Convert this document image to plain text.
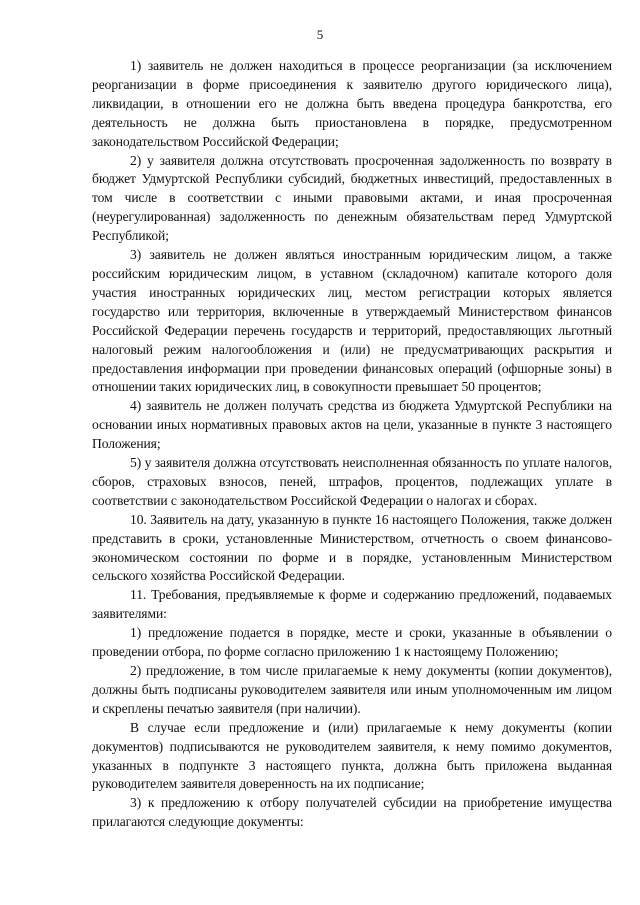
5

1) заявитель не должен находиться в процессе реорганизации (за исключением реорганизации в форме присоединения к заявителю другого юридического лица), ликвидации, в отношении его не должна быть введена процедура банкротства, его деятельность не должна быть приостановлена в порядке, предусмотренном законодательством Российской Федерации;

2) у заявителя должна отсутствовать просроченная задолженность по возврату в бюджет Удмуртской Республики субсидий, бюджетных инвестиций, предоставленных в том числе в соответствии с иными правовыми актами, и иная просроченная (неурегулированная) задолженность по денежным обязательствам перед Удмуртской Республикой;

3) заявитель не должен являться иностранным юридическим лицом, а также российским юридическим лицом, в уставном (складочном) капитале которого доля участия иностранных юридических лиц, местом регистрации которых является государство или территория, включенные в утверждаемый Министерством финансов Российской Федерации перечень государств и территорий, предоставляющих льготный налоговый режим налогообложения и (или) не предусматривающих раскрытия и предоставления информации при проведении финансовых операций (офшорные зоны) в отношении таких юридических лиц, в совокупности превышает 50 процентов;

4) заявитель не должен получать средства из бюджета Удмуртской Республики на основании иных нормативных правовых актов на цели, указанные в пункте 3 настоящего Положения;

5) у заявителя должна отсутствовать неисполненная обязанность по уплате налогов, сборов, страховых взносов, пеней, штрафов, процентов, подлежащих уплате в соответствии с законодательством Российской Федерации о налогах и сборах.

10. Заявитель на дату, указанную в пункте 16 настоящего Положения, также должен представить в сроки, установленные Министерством, отчетность о своем финансово-экономическом состоянии по форме и в порядке, установленным Министерством сельского хозяйства Российской Федерации.

11. Требования, предъявляемые к форме и содержанию предложений, подаваемых заявителями:

1) предложение подается в порядке, месте и сроки, указанные в объявлении о проведении отбора, по форме согласно приложению 1 к настоящему Положению;

2) предложение, в том числе прилагаемые к нему документы (копии документов), должны быть подписаны руководителем заявителя или иным уполномоченным им лицом и скреплены печатью заявителя (при наличии).

В случае если предложение и (или) прилагаемые к нему документы (копии документов) подписываются не руководителем заявителя, к нему помимо документов, указанных в подпункте 3 настоящего пункта, должна быть приложена выданная руководителем заявителя доверенность на их подписание;

3) к предложению к отбору получателей субсидии на приобретение имущества прилагаются следующие документы:
